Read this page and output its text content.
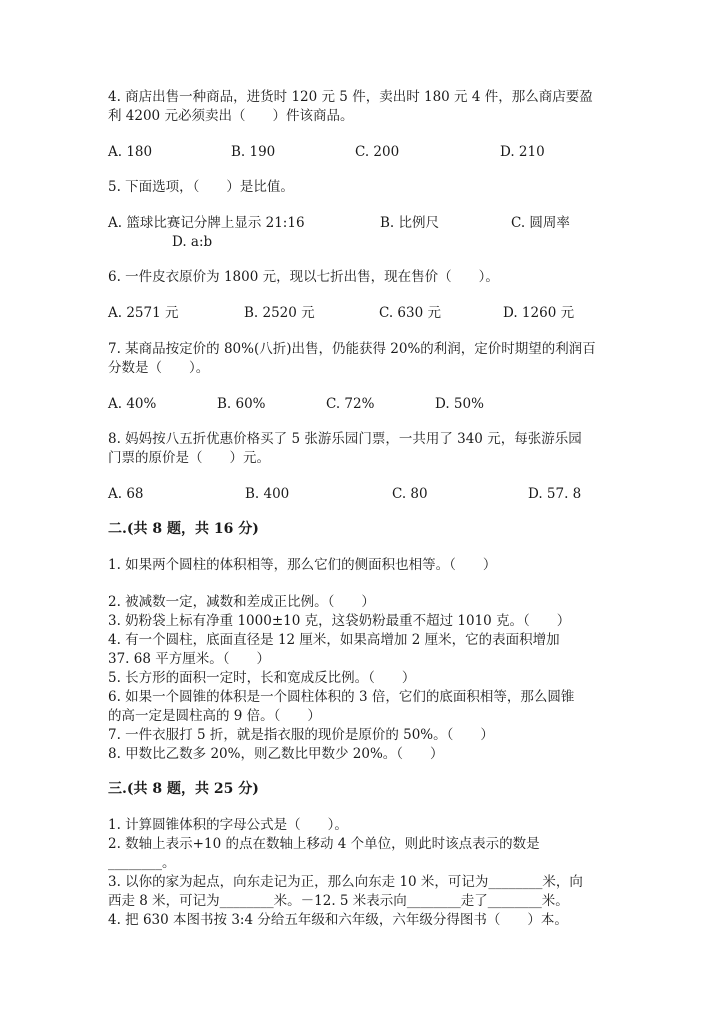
4. 商店出售一种商品，进货时 120 元 5 件，卖出时 180 元 4 件，那么商店要盈
利 4200 元必须卖出（　　）件该商品。
A. 180	B. 190	C. 200	D. 210
5. 下面选项，（　　）是比值。
A. 篮球比赛记分牌上显示 21:16	B. 比例尺	C. 圆周率
D. a:b
6. 一件皮衣原价为 1800 元，现以七折出售，现在售价（　　）。
A. 2571 元	B. 2520 元	C. 630 元	D. 1260 元
7. 某商品按定价的 80%(八折)出售，仍能获得 20%的利润，定价时期望的利润百
分数是（　　）。
A. 40%	B. 60%	C. 72%	D. 50%
8. 妈妈按八五折优惠价格买了 5 张游乐园门票，一共用了 340 元，每张游乐园
门票的原价是（　　）元。
A. 68	B. 400	C. 80	D. 57. 8
二.(共 8 题，共 16 分)
1. 如果两个圆柱的体积相等，那么它们的侧面积也相等。（　　）
2. 被减数一定，减数和差成正比例。（　　）
3. 奶粉袋上标有净重 1000±10 克，这袋奶粉最重不超过 1010 克。（　　）
4. 有一个圆柱，底面直径是 12 厘米，如果高增加 2 厘米，它的表面积增加
37. 68 平方厘米。（　　）
5. 长方形的面积一定时，长和宽成反比例。（　　）
6. 如果一个圆锥的体积是一个圆柱体积的 3 倍，它们的底面积相等，那么圆锥
的高一定是圆柱高的 9 倍。（　　）
7. 一件衣服打 5 折，就是指衣服的现价是原价的 50%。（　　）
8. 甲数比乙数多 20%，则乙数比甲数少 20%。（　　）
三.(共 8 题，共 25 分)
1. 计算圆锥体积的字母公式是（　　）。
2. 数轴上表示+10 的点在数轴上移动 4 个单位，则此时该点表示的数是
________。
3. 以你的家为起点，向东走记为正，那么向东走 10 米，可记为________米，向
西走 8 米，可记为________米。－12. 5 米表示向________走了________米。
4. 把 630 本图书按 3:4 分给五年级和六年级，六年级分得图书（　　）本。
